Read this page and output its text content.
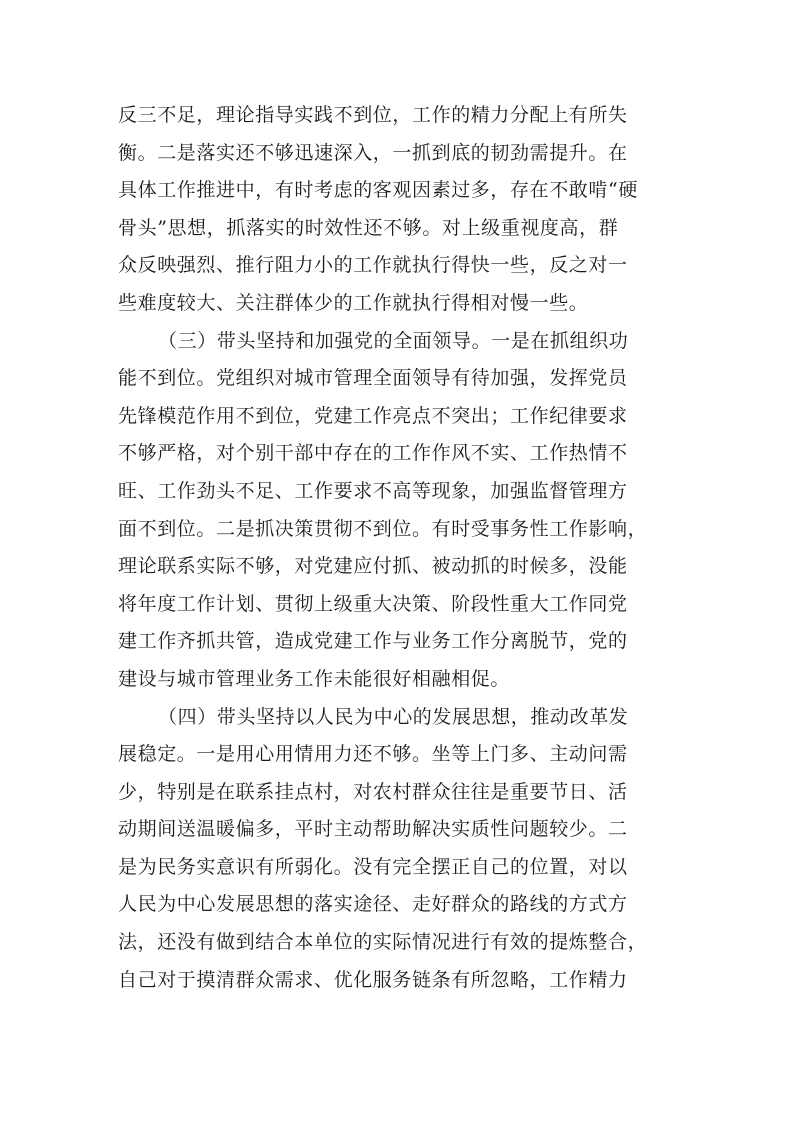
反三不足，理论指导实践不到位，工作的精力分配上有所失
衡。二是落实还不够迅速深入，一抓到底的韧劲需提升。在
具体工作推进中，有时考虑的客观因素过多，存在不敢啃“硬
骨头”思想，抓落实的时效性还不够。对上级重视度高，群
众反映强烈、推行阻力小的工作就执行得快一些，反之对一
些难度较大、关注群体少的工作就执行得相对慢一些。
（三）带头坚持和加强党的全面领导。一是在抓组织功
能不到位。党组织对城市管理全面领导有待加强，发挥党员
先锋模范作用不到位，党建工作亮点不突出；工作纪律要求
不够严格，对个别干部中存在的工作作风不实、工作热情不
旺、工作劲头不足、工作要求不高等现象，加强监督管理方
面不到位。二是抓决策贯彻不到位。有时受事务性工作影响，
理论联系实际不够，对党建应付抓、被动抓的时候多，没能
将年度工作计划、贯彻上级重大决策、阶段性重大工作同党
建工作齐抓共管，造成党建工作与业务工作分离脱节，党的
建设与城市管理业务工作未能很好相融相促。
（四）带头坚持以人民为中心的发展思想，推动改革发
展稳定。一是用心用情用力还不够。坐等上门多、主动问需
少，特别是在联系挂点村，对农村群众往往是重要节日、活
动期间送温暖偏多，平时主动帮助解决实质性问题较少。二
是为民务实意识有所弱化。没有完全摆正自己的位置，对以
人民为中心发展思想的落实途径、走好群众的路线的方式方
法，还没有做到结合本单位的实际情况进行有效的提炼整合，
自己对于摸清群众需求、优化服务链条有所忽略，工作精力
